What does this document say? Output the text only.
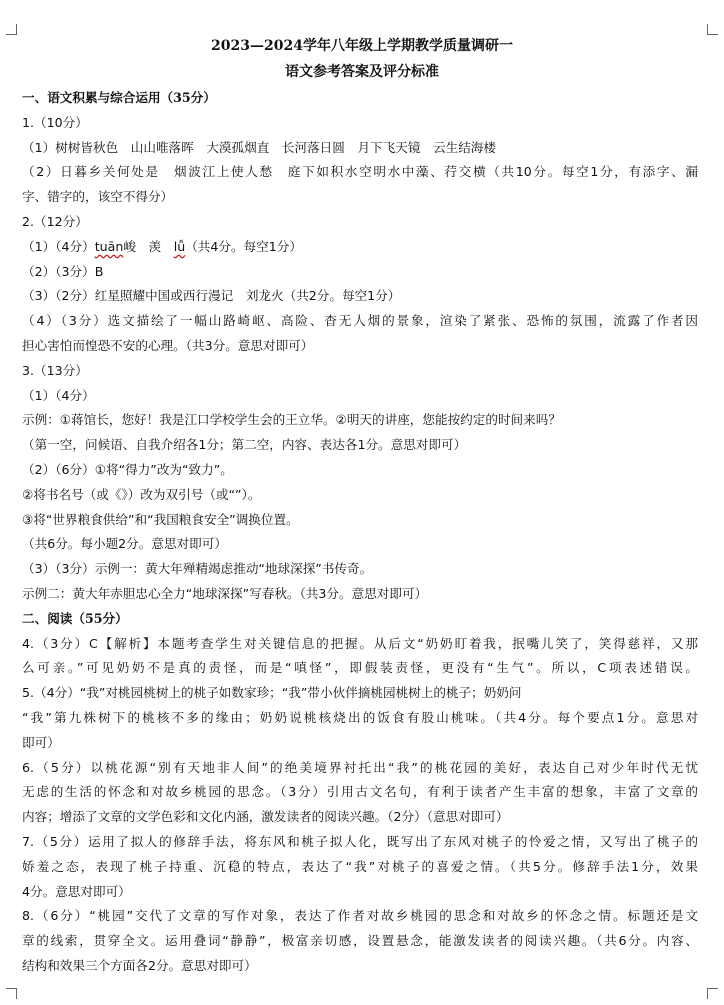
2023—2024学年八年级上学期教学质量调研一
语文参考答案及评分标准
一、语文积累与综合运用（35分）
1.（10分）
（1）树树皆秋色　山山唯落晖　大漠孤烟直　长河落日圆　月下飞天镜　云生结海楼
（2）日暮乡关何处是　烟波江上使人愁　庭下如积水空明水中藻、荇交横（共10分。每空1分，有添字、漏
字、错字的，该空不得分）
2.（12分）
（1）（4分）tuān峻　羡　lǚ（共4分。每空1分）
（2）（3分）B
（3）（2分）红星照耀中国或西行漫记　刘龙火（共2分。每空1分）
（4）（3分）选文描绘了一幅山路崎岖、高险、杳无人烟的景象，渲染了紧张、恐怖的氛围，流露了作者因
担心害怕而惶恐不安的心理。（共3分。意思对即可）
3.（13分）
（1）（4分）
示例：①蒋馆长，您好！我是江口学校学生会的王立华。②明天的讲座，您能按约定的时间来吗？
（第一空，问候语、自我介绍各1分；第二空，内容、表达各1分。意思对即可）
（2）（6分）①将“得力”改为“致力”。
②将书名号（或《》）改为双引号（或“”）。
③将“世界粮食供给”和“我国粮食安全”调换位置。
（共6分。每小题2分。意思对即可）
（3）（3分）示例一：黄大年殚精竭虑推动“地球深探”书传奇。
示例二：黄大年赤胆忠心全力“地球深探”写春秋。（共3分。意思对即可）
二、阅读（55分）
4.（3分）C【解析】本题考查学生对关键信息的把握。从后文“奶奶盯着我，抿嘴儿笑了，笑得慈祥，又那
么可亲。”可见奶奶不是真的责怪，而是“嗔怪”，即假装责怪，更没有“生气”。所以，C项表述错误。
5.（4分）“我”对桃园桃树上的桃子如数家珍；“我”带小伙伴摘桃园桃树上的桃子；奶奶问
“我”第九株树下的桃核不多的缘由；奶奶说桃核烧出的饭食有股山桃味。（共4分。每个要点1分。意思对
即可）
6.（5分）以桃花源“别有天地非人间”的绝美境界衬托出“我”的桃花园的美好，表达自己对少年时代无忧
无虑的生活的怀念和对故乡桃园的思念。（3分）引用古文名句，有利于读者产生丰富的想象，丰富了文章的
内容；增添了文章的文学色彩和文化内涵，激发读者的阅读兴趣。（2分）（意思对即可）
7.（5分）运用了拟人的修辞手法，将东风和桃子拟人化，既写出了东风对桃子的怜爱之情，又写出了桃子的
娇羞之态，表现了桃子持重、沉稳的特点，表达了“我”对桃子的喜爱之情。（共5分。修辞手法1分，效果
4分。意思对即可）
8.（6分）“桃园”交代了文章的写作对象，表达了作者对故乡桃园的思念和对故乡的怀念之情。标题还是文
章的线索，贯穿全文。运用叠词“静静”，极富亲切感，设置悬念，能激发读者的阅读兴趣。（共6分。内容、
结构和效果三个方面各2分。意思对即可）
